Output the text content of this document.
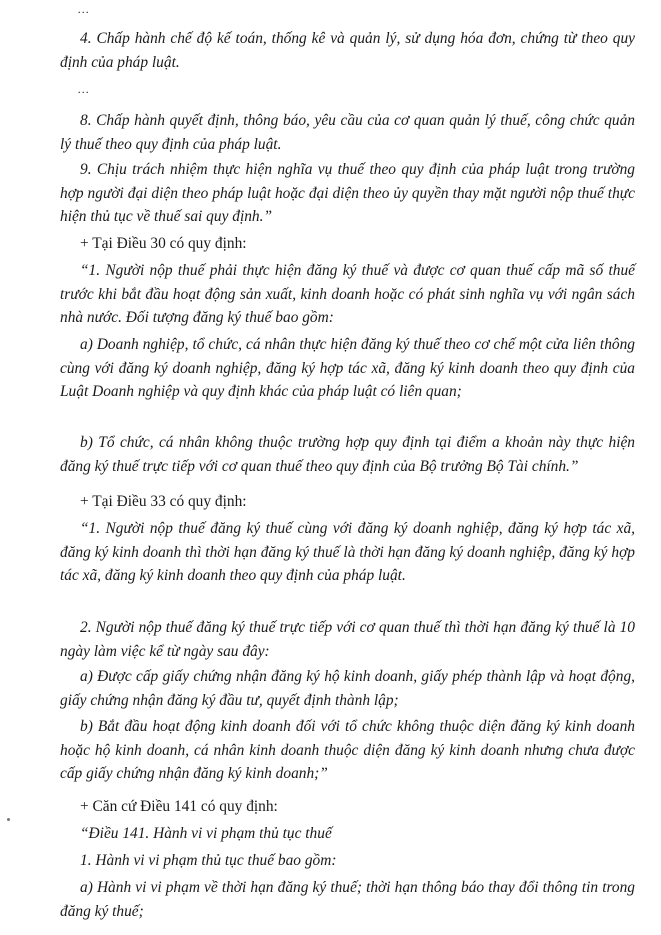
...

4. Chấp hành chế độ kế toán, thống kê và quản lý, sử dụng hóa đơn, chứng từ theo quy định của pháp luật.

...

8. Chấp hành quyết định, thông báo, yêu cầu của cơ quan quản lý thuế, công chức quản lý thuế theo quy định của pháp luật.

9. Chịu trách nhiệm thực hiện nghĩa vụ thuế theo quy định của pháp luật trong trường hợp người đại diện theo pháp luật hoặc đại diện theo ủy quyền thay mặt người nộp thuế thực hiện thủ tục về thuế sai quy định.”

+ Tại Điều 30 có quy định:

“1. Người nộp thuế phải thực hiện đăng ký thuế và được cơ quan thuế cấp mã số thuế trước khi bắt đầu hoạt động sản xuất, kinh doanh hoặc có phát sinh nghĩa vụ với ngân sách nhà nước. Đối tượng đăng ký thuế bao gồm:

a) Doanh nghiệp, tổ chức, cá nhân thực hiện đăng ký thuế theo cơ chế một cửa liên thông cùng với đăng ký doanh nghiệp, đăng ký hợp tác xã, đăng ký kinh doanh theo quy định của Luật Doanh nghiệp và quy định khác của pháp luật có liên quan;

b) Tổ chức, cá nhân không thuộc trường hợp quy định tại điểm a khoản này thực hiện đăng ký thuế trực tiếp với cơ quan thuế theo quy định của Bộ trưởng Bộ Tài chính.”

+ Tại Điều 33 có quy định:

“1. Người nộp thuế đăng ký thuế cùng với đăng ký doanh nghiệp, đăng ký hợp tác xã, đăng ký kinh doanh thì thời hạn đăng ký thuế là thời hạn đăng ký doanh nghiệp, đăng ký hợp tác xã, đăng ký kinh doanh theo quy định của pháp luật.

2. Người nộp thuế đăng ký thuế trực tiếp với cơ quan thuế thì thời hạn đăng ký thuế là 10 ngày làm việc kể từ ngày sau đây:

a) Được cấp giấy chứng nhận đăng ký hộ kinh doanh, giấy phép thành lập và hoạt động, giấy chứng nhận đăng ký đầu tư, quyết định thành lập;

b) Bắt đầu hoạt động kinh doanh đối với tổ chức không thuộc diện đăng ký kinh doanh hoặc hộ kinh doanh, cá nhân kinh doanh thuộc diện đăng ký kinh doanh nhưng chưa được cấp giấy chứng nhận đăng ký kinh doanh;”

+ Căn cứ Điều 141 có quy định:

“Điều 141. Hành vi vi phạm thủ tục thuế

1. Hành vi vi phạm thủ tục thuế bao gồm:

a) Hành vi vi phạm về thời hạn đăng ký thuế; thời hạn thông báo thay đổi thông tin trong đăng ký thuế;
